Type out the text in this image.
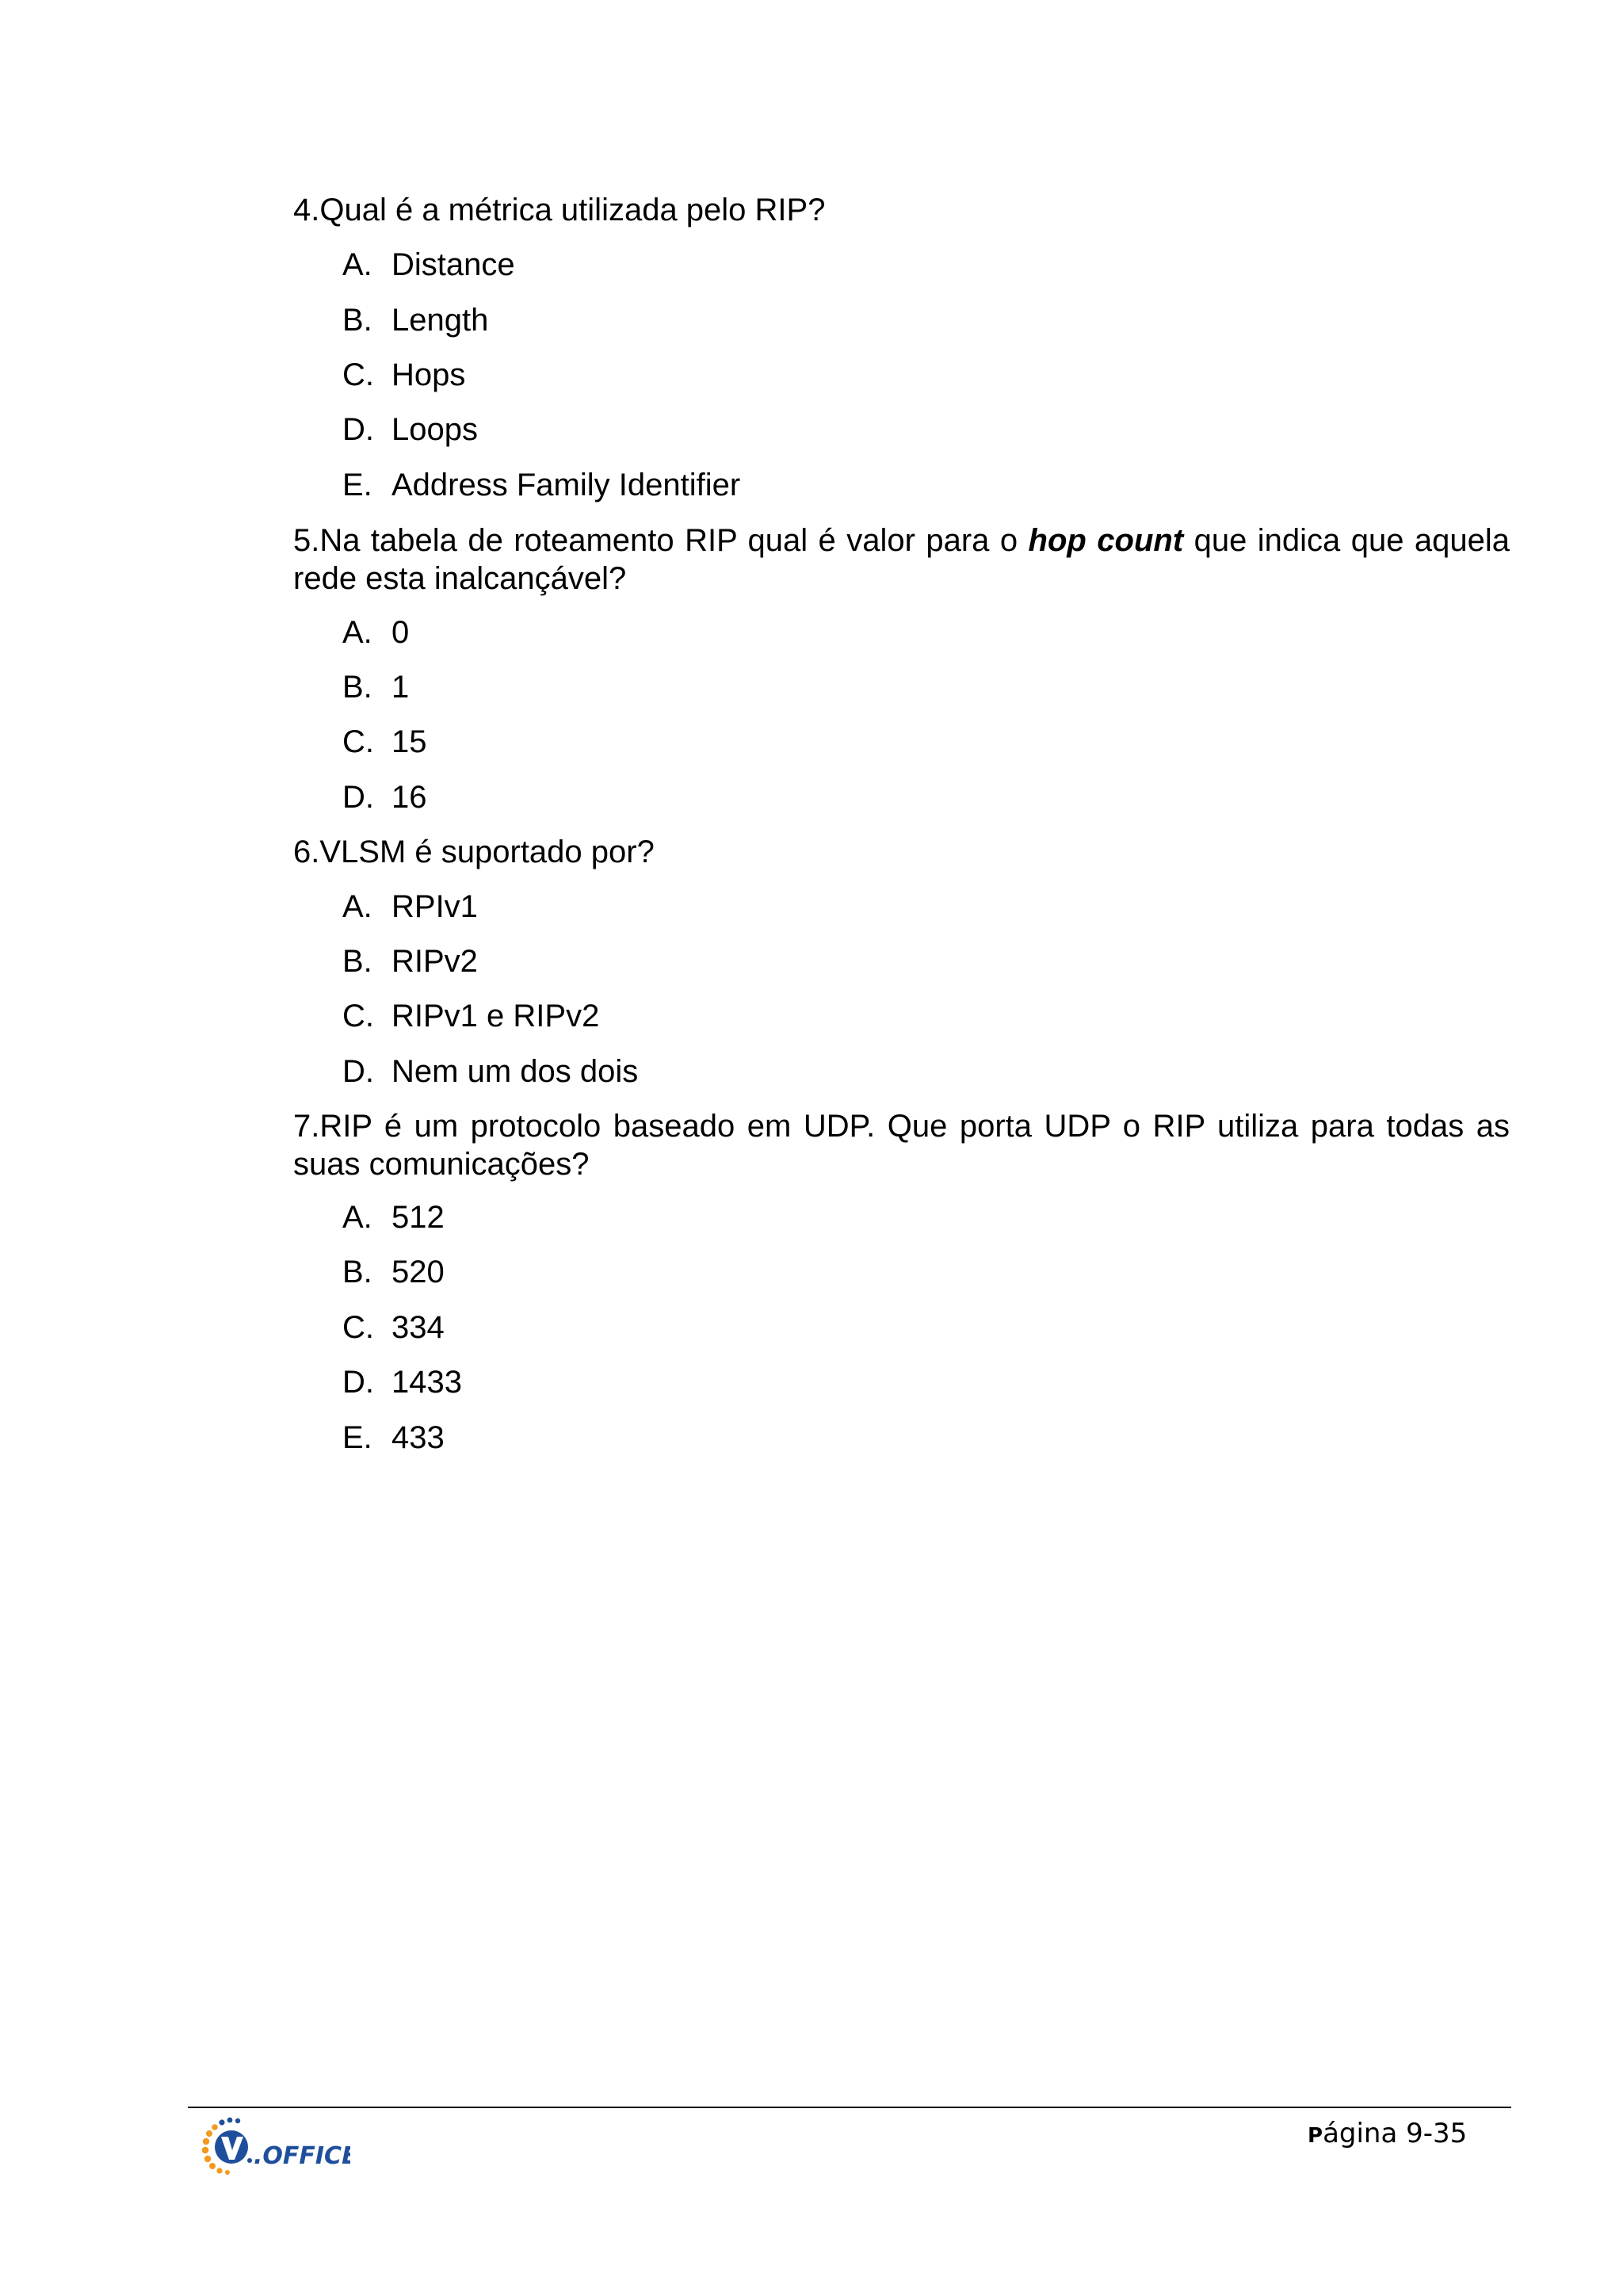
4.Qual é a métrica utilizada pelo RIP?

A. Distance
B. Length
C. Hops
D. Loops
E. Address Family Identifier

5.Na tabela de roteamento RIP qual é valor para o hop count que indica que aquela rede esta inalcançável?

A. 0
B. 1
C. 15
D. 16

6.VLSM é suportado por?

A. RPIv1
B. RIPv2
C. RIPv1 e RIPv2
D. Nem um dos dois

7.RIP é um protocolo baseado em UDP. Que porta UDP o RIP utiliza para todas as suas comunicações?

A. 512
B. 520
C. 334
D. 1433
E. 433
.OFFICE
Página 9-35
